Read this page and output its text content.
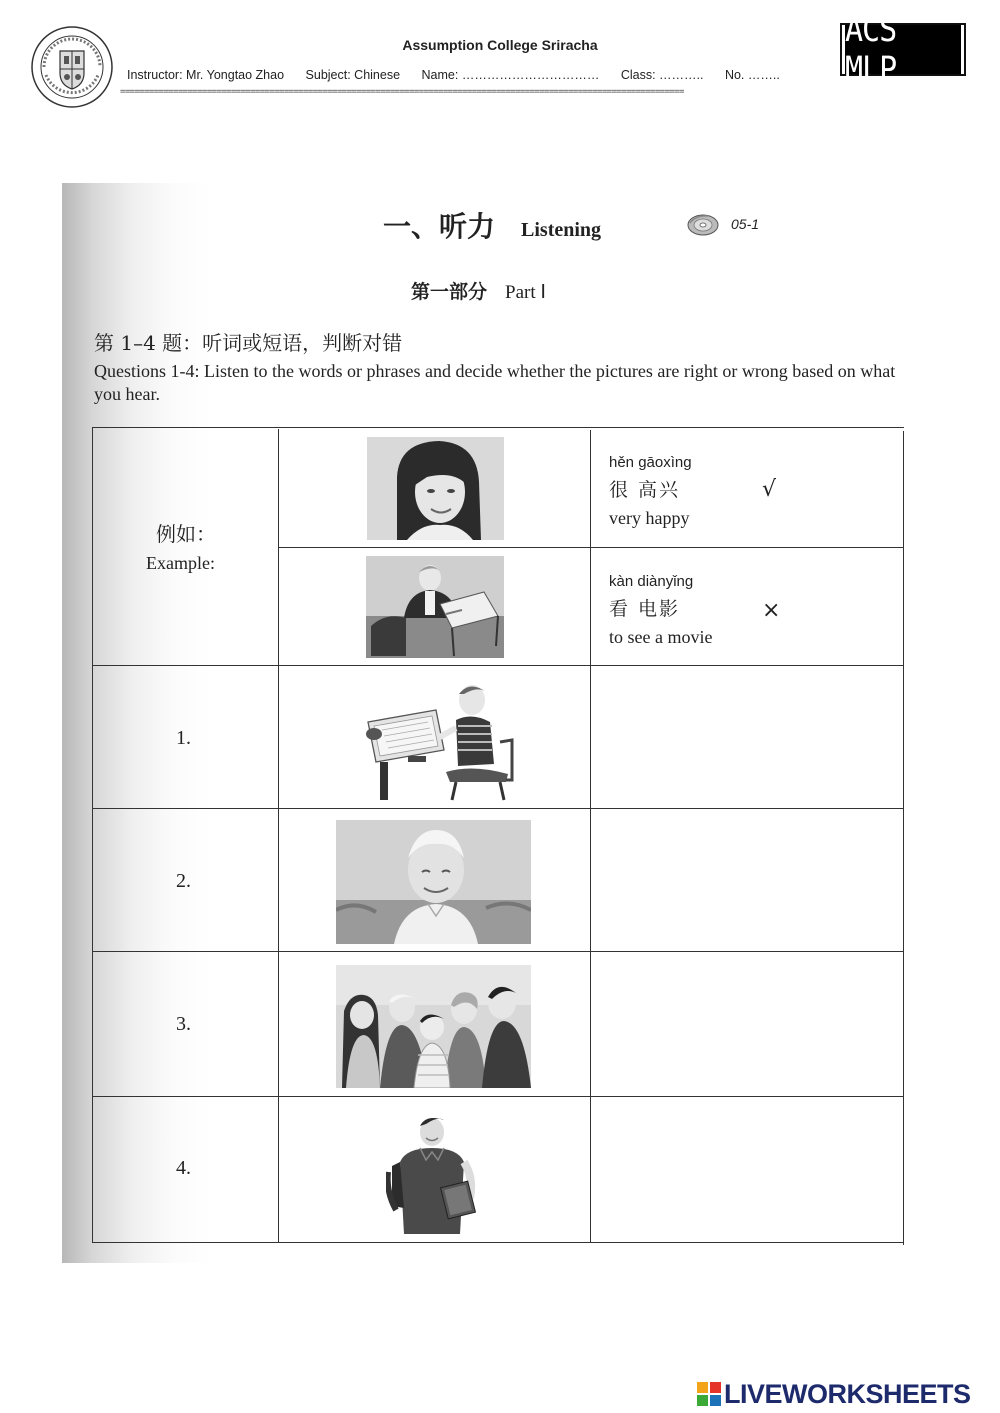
Assumption College Sriracha
Instructor: Mr. Yongtao Zhao Subject: Chinese Name: …………………………… Class: ……….. No. ……..
=====================================================================================================================
ACS MLP
一、听力 Listening	05-1
第一部分 Part Ⅰ
第 1–4 题：听词或短语，判断对错
Questions 1-4: Listen to the words or phrases and decide whether the pictures are right or wrong based on what you hear.
例如：
Example:
hěn gāoxìng
很 高兴
very happy
√
kàn diànyǐng
看 电影
to see a movie
×
1.
2.
3.
4.
LIVEWORKSHEETS
